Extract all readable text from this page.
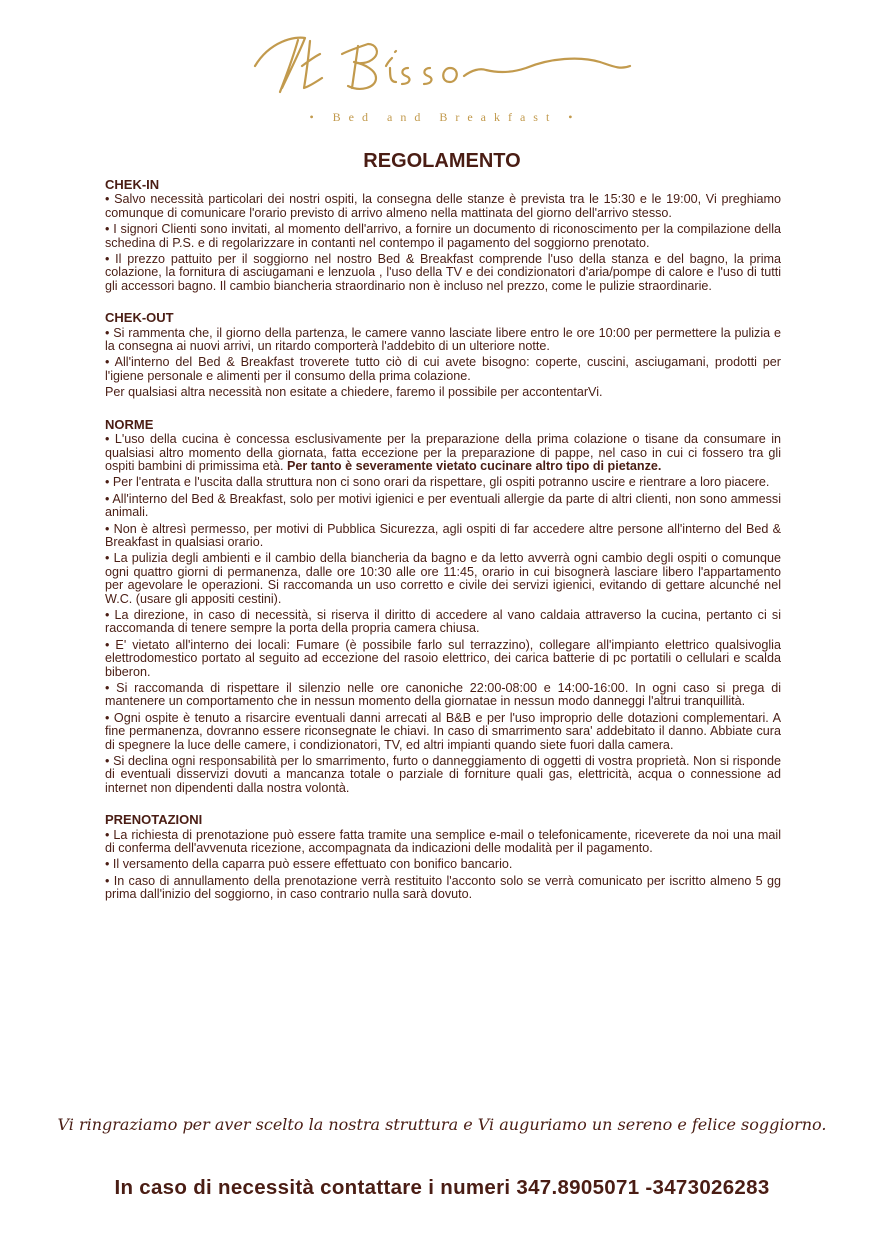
• Bed and Breakfast •
REGOLAMENTO
CHEK-IN

• Salvo necessità particolari dei nostri ospiti, la consegna delle stanze è prevista tra le 15:30 e le 19:00, Vi preghiamo comunque di comunicare l'orario previsto di arrivo almeno nella mattinata del giorno dell'arrivo stesso.

• I signori Clienti sono invitati, al momento dell'arrivo, a fornire un documento di riconoscimento per la compilazione della schedina di P.S. e di regolarizzare in contanti nel contempo il pagamento del soggiorno prenotato.

• Il prezzo pattuito per il soggiorno nel nostro Bed & Breakfast comprende l'uso della stanza e del bagno, la prima colazione, la fornitura di asciugamani e lenzuola , l'uso della TV e dei condizionatori d'aria/pompe di calore e l'uso di tutti gli accessori bagno. Il cambio biancheria straordinario non è incluso nel prezzo, come le pulizie straordinarie.

CHEK-OUT

• Si rammenta che, il giorno della partenza, le camere vanno lasciate libere entro le ore 10:00 per permettere la pulizia e la consegna ai nuovi arrivi, un ritardo comporterà l'addebito di un ulteriore notte.

• All'interno del Bed & Breakfast troverete tutto ciò di cui avete bisogno: coperte, cuscini, asciugamani, prodotti per l'igiene personale e alimenti per il consumo della prima colazione.

Per qualsiasi altra necessità non esitate a chiedere, faremo il possibile per accontentarVi.

NORME

• L'uso della cucina è concessa esclusivamente per la preparazione della prima colazione o tisane da consumare in qualsiasi altro momento della giornata, fatta eccezione per la preparazione di pappe, nel caso in cui ci fossero tra gli ospiti bambini di primissima età. Per tanto è severamente vietato cucinare altro tipo di pietanze.

• Per l'entrata e l'uscita dalla struttura non ci sono orari da rispettare, gli ospiti potranno uscire e rientrare a loro piacere.

• All'interno del Bed & Breakfast, solo per motivi igienici e per eventuali allergie da parte di altri clienti, non sono ammessi animali.

• Non è altresì permesso, per motivi di Pubblica Sicurezza, agli ospiti di far accedere altre persone all'interno del Bed & Breakfast in qualsiasi orario.

• La pulizia degli ambienti e il cambio della biancheria da bagno e da letto avverrà ogni cambio degli ospiti o comunque ogni quattro giorni di permanenza, dalle ore 10:30 alle ore 11:45, orario in cui bisognerà lasciare libero l'appartamento per agevolare le operazioni. Si raccomanda un uso corretto e civile dei servizi igienici, evitando di gettare alcunché nel W.C. (usare gli appositi cestini).

• La direzione, in caso di necessità, si riserva il diritto di accedere al vano caldaia attraverso la cucina, pertanto ci si raccomanda di tenere sempre la porta della propria camera chiusa.

• E' vietato all'interno dei locali: Fumare (è possibile farlo sul terrazzino), collegare all'impianto elettrico qualsivoglia elettrodomestico portato al seguito ad eccezione del rasoio elettrico, dei carica batterie di pc portatili o cellulari e scalda biberon.

• Si raccomanda di rispettare il silenzio nelle ore canoniche 22:00-08:00 e 14:00-16:00. In ogni caso si prega di mantenere un comportamento che in nessun momento della giornatae in nessun modo danneggi l'altrui tranquillità.

• Ogni ospite è tenuto a risarcire eventuali danni arrecati al B&B e per l'uso improprio delle dotazioni complementari. A fine permanenza, dovranno essere riconsegnate le chiavi. In caso di smarrimento sara' addebitato il danno. Abbiate cura di spegnere la luce delle camere, i condizionatori, TV, ed altri impianti quando siete fuori dalla camera.

• Si declina ogni responsabilità per lo smarrimento, furto o danneggiamento di oggetti di vostra proprietà. Non si risponde di eventuali disservizi dovuti a mancanza totale o parziale di forniture quali gas, elettricità, acqua o connessione ad internet non dipendenti dalla nostra volontà.

PRENOTAZIONI

• La richiesta di prenotazione può essere fatta tramite una semplice e-mail o telefonicamente, riceverete da noi una mail di conferma dell'avvenuta ricezione, accompagnata da indicazioni delle modalità per il pagamento.

• Il versamento della caparra può essere effettuato con bonifico bancario.

• In caso di annullamento della prenotazione verrà restituito l'acconto solo se verrà comunicato per iscritto almeno 5 gg prima dall'inizio del soggiorno, in caso contrario nulla sarà dovuto.

Vi ringraziamo per aver scelto la nostra struttura e Vi auguriamo un sereno e felice soggiorno.
In caso di necessità contattare i numeri 347.8905071 -3473026283
